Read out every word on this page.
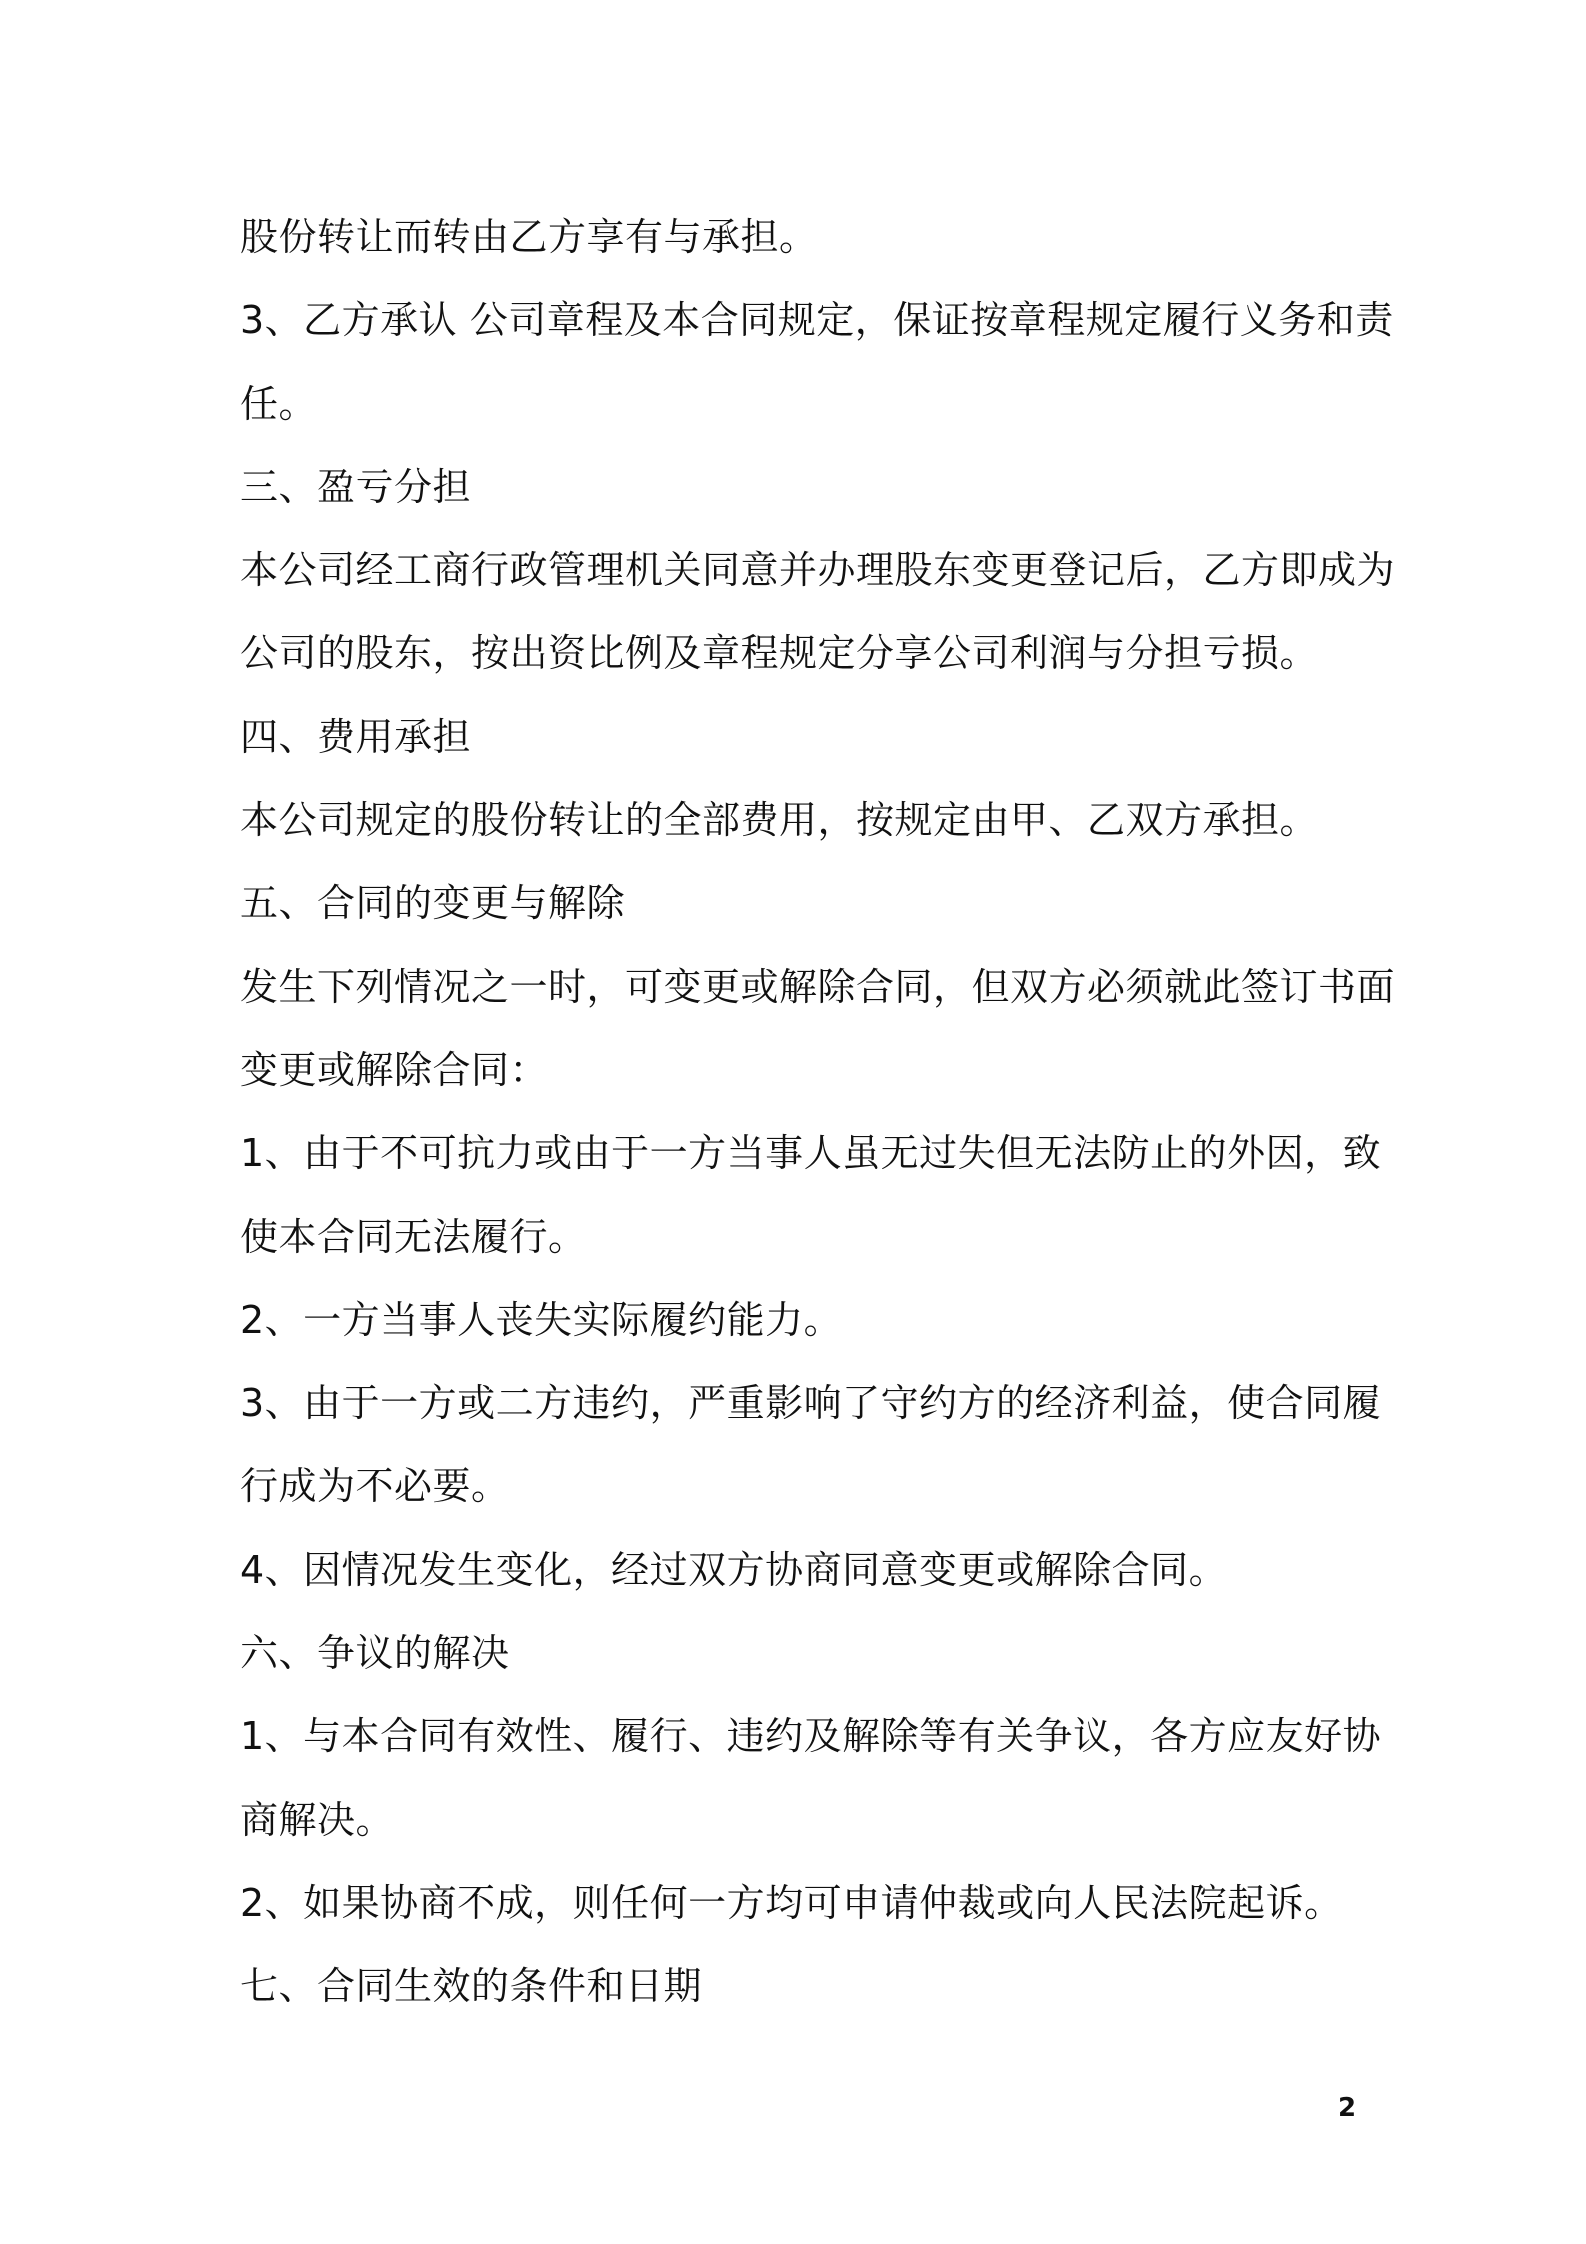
股份转让而转由乙方享有与承担。
3、乙方承认 公司章程及本合同规定，保证按章程规定履行义务和责
任。
三、盈亏分担
本公司经工商行政管理机关同意并办理股东变更登记后，乙方即成为
公司的股东，按出资比例及章程规定分享公司利润与分担亏损。
四、费用承担
本公司规定的股份转让的全部费用，按规定由甲、乙双方承担。
五、合同的变更与解除
发生下列情况之一时，可变更或解除合同，但双方必须就此签订书面
变更或解除合同：
1、由于不可抗力或由于一方当事人虽无过失但无法防止的外因，致
使本合同无法履行。
2、一方当事人丧失实际履约能力。
3、由于一方或二方违约，严重影响了守约方的经济利益，使合同履
行成为不必要。
4、因情况发生变化，经过双方协商同意变更或解除合同。
六、争议的解决
1、与本合同有效性、履行、违约及解除等有关争议，各方应友好协
商解决。
2、如果协商不成，则任何一方均可申请仲裁或向人民法院起诉。
七、合同生效的条件和日期
2
